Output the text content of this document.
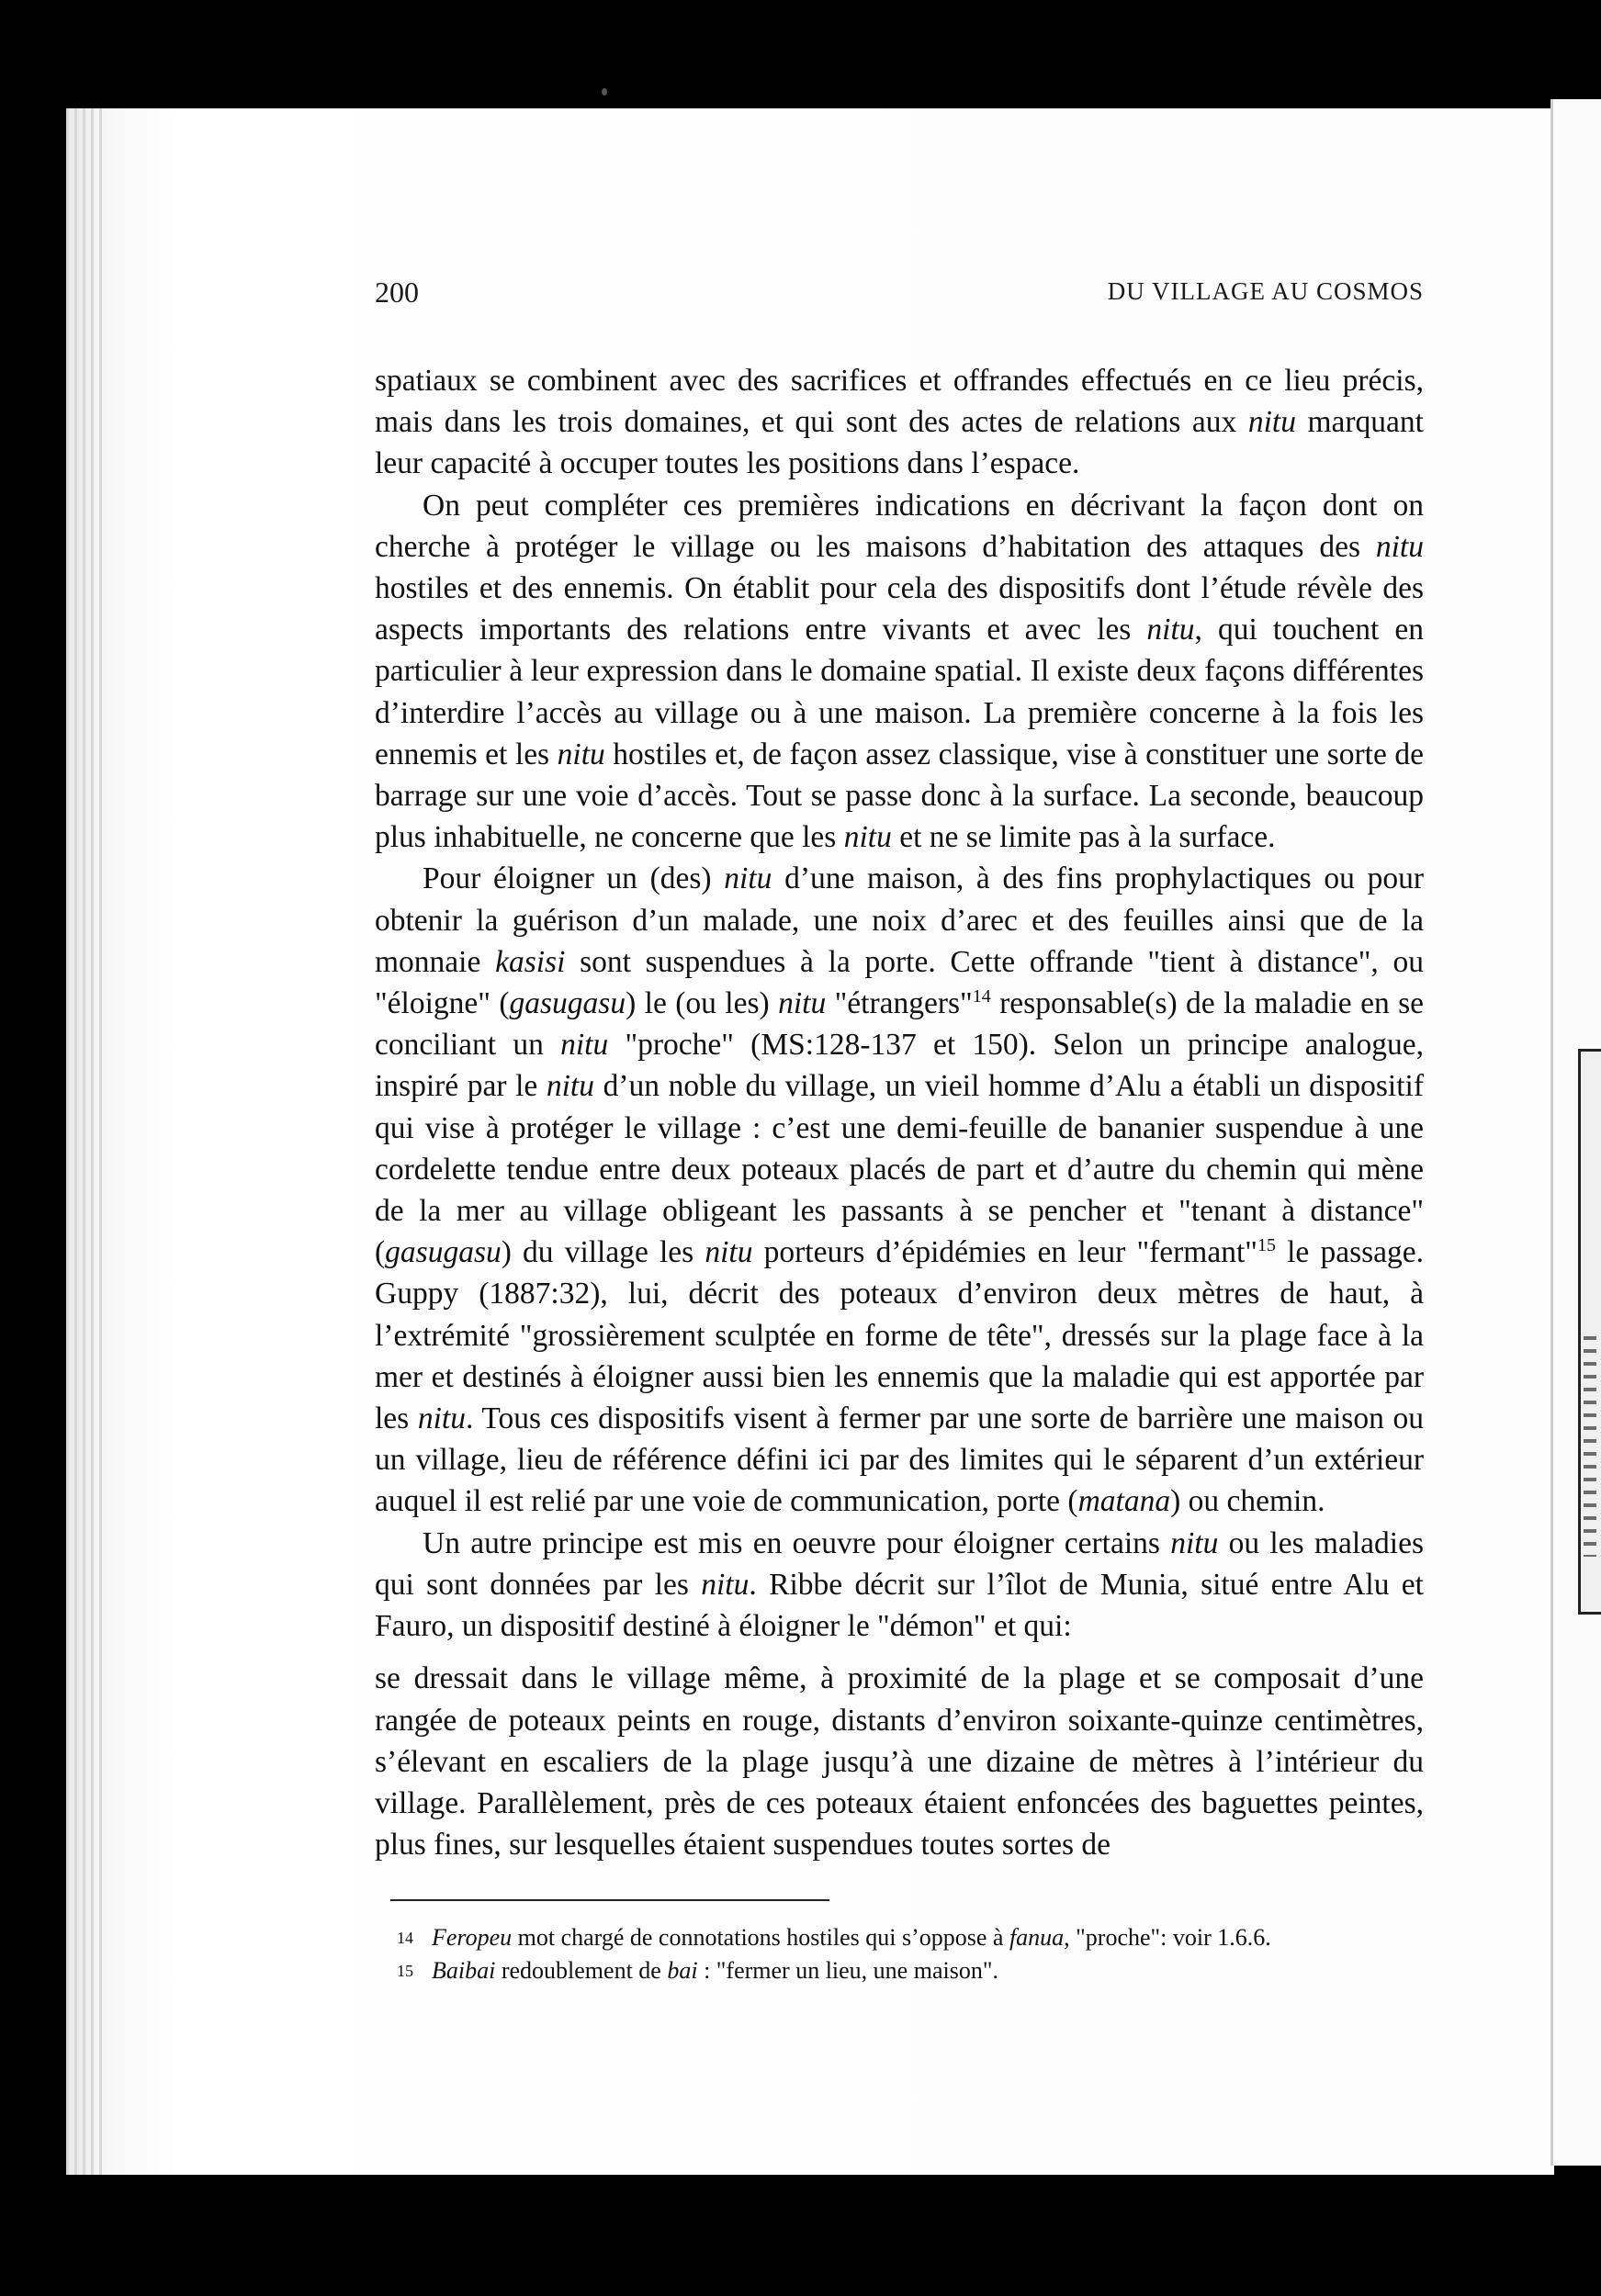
200	DU VILLAGE AU COSMOS

spatiaux se combinent avec des sacrifices et offrandes effectués en ce lieu précis, mais dans les trois domaines, et qui sont des actes de relations aux nitu marquant leur capacité à occuper toutes les positions dans l’espace.

On peut compléter ces premières indications en décrivant la façon dont on cherche à protéger le village ou les maisons d’habitation des attaques des nitu hostiles et des ennemis. On établit pour cela des dispositifs dont l’étude révèle des aspects importants des relations entre vivants et avec les nitu, qui touchent en particulier à leur expression dans le domaine spatial. Il existe deux façons différentes d’interdire l’accès au village ou à une maison. La première concerne à la fois les ennemis et les nitu hostiles et, de façon assez classique, vise à constituer une sorte de barrage sur une voie d’accès. Tout se passe donc à la surface. La seconde, beaucoup plus inhabituelle, ne concerne que les nitu et ne se limite pas à la surface.

Pour éloigner un (des) nitu d’une maison, à des fins prophylactiques ou pour obtenir la guérison d’un malade, une noix d’arec et des feuilles ainsi que de la monnaie kasisi sont suspendues à la porte. Cette offrande "tient à distance", ou "éloigne" (gasugasu) le (ou les) nitu "étrangers"$^{14}$ responsable(s) de la maladie en se conciliant un nitu "proche" (MS:128-137 et 150). Selon un principe analogue, inspiré par le nitu d’un noble du village, un vieil homme d’Alu a établi un dispositif qui vise à protéger le village : c’est une demi-feuille de bananier suspendue à une cordelette tendue entre deux poteaux placés de part et d’autre du chemin qui mène de la mer au village obligeant les passants à se pencher et "tenant à distance" (gasugasu) du village les nitu porteurs d’épidémies en leur "fermant"$^{15}$ le passage. Guppy (1887:32), lui, décrit des poteaux d’environ deux mètres de haut, à l’extrémité "grossièrement sculptée en forme de tête", dressés sur la plage face à la mer et destinés à éloigner aussi bien les ennemis que la maladie qui est apportée par les nitu. Tous ces dispositifs visent à fermer par une sorte de barrière une maison ou un village, lieu de référence défini ici par des limites qui le séparent d’un extérieur auquel il est relié par une voie de communication, porte (matana) ou chemin.

Un autre principe est mis en oeuvre pour éloigner certains nitu ou les maladies qui sont données par les nitu. Ribbe décrit sur l’îlot de Munia, situé entre Alu et Fauro, un dispositif destiné à éloigner le "démon" et qui:

se dressait dans le village même, à proximité de la plage et se composait d’une rangée de poteaux peints en rouge, distants d’environ soixante-quinze centimètres, s’élevant en escaliers de la plage jusqu’à une dizaine de mètres à l’intérieur du village. Parallèlement, près de ces poteaux étaient enfoncées des baguettes peintes, plus fines, sur lesquelles étaient suspendues toutes sortes de

14 Feropeu mot chargé de connotations hostiles qui s’oppose à fanua, "proche": voir 1.6.6.
15 Baibai redoublement de bai : "fermer un lieu, une maison".
